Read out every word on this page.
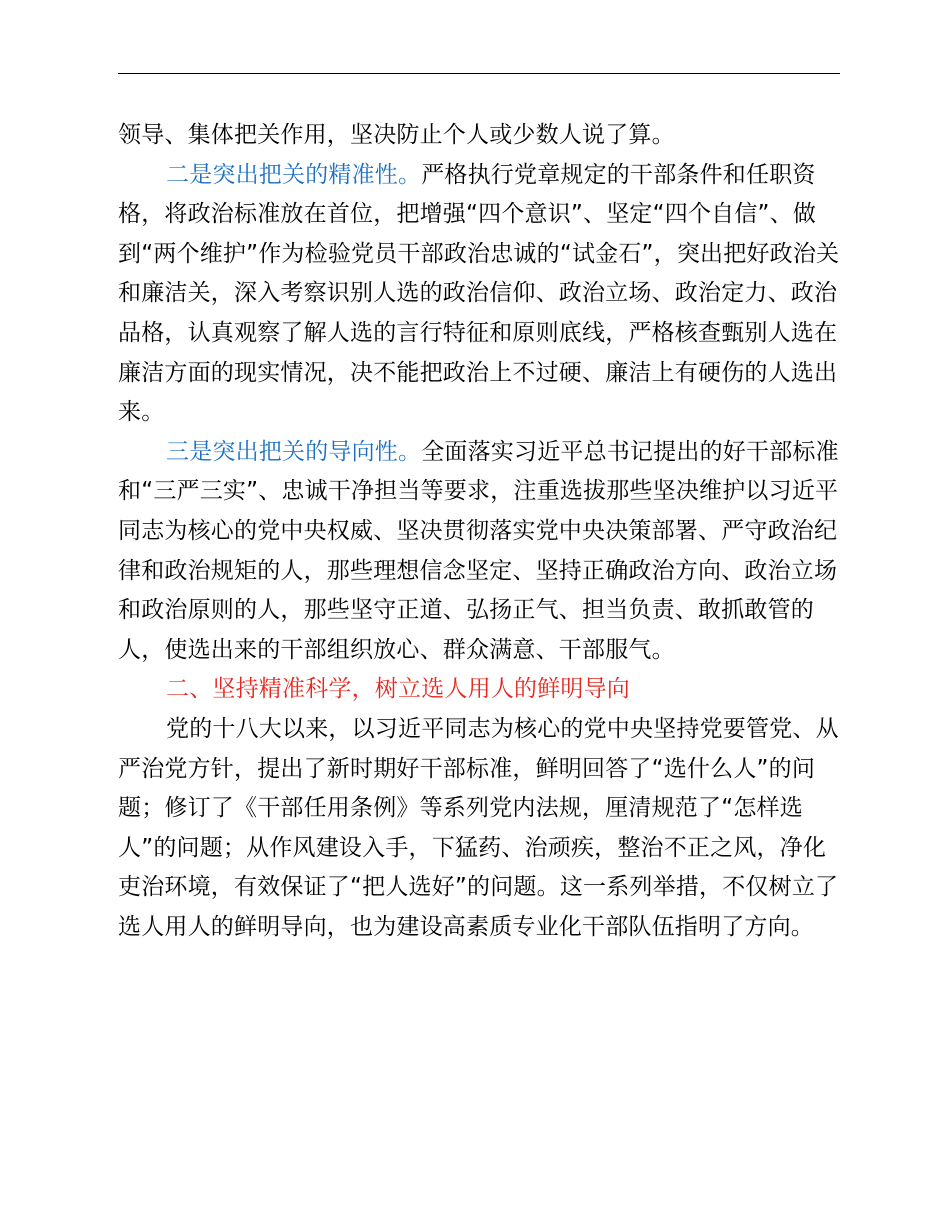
领导、集体把关作用，坚决防止个人或少数人说了算。

二是突出把关的精准性。严格执行党章规定的干部条件和任职资格，将政治标准放在首位，把增强“四个意识”、坚定“四个自信”、做到“两个维护”作为检验党员干部政治忠诚的“试金石”，突出把好政治关和廉洁关，深入考察识别人选的政治信仰、政治立场、政治定力、政治品格，认真观察了解人选的言行特征和原则底线，严格核查甄别人选在廉洁方面的现实情况，决不能把政治上不过硬、廉洁上有硬伤的人选出来。

三是突出把关的导向性。全面落实习近平总书记提出的好干部标准和“三严三实”、忠诚干净担当等要求，注重选拔那些坚决维护以习近平同志为核心的党中央权威、坚决贯彻落实党中央决策部署、严守政治纪律和政治规矩的人，那些理想信念坚定、坚持正确政治方向、政治立场和政治原则的人，那些坚守正道、弘扬正气、担当负责、敢抓敢管的人，使选出来的干部组织放心、群众满意、干部服气。

二、坚持精准科学，树立选人用人的鲜明导向

党的十八大以来，以习近平同志为核心的党中央坚持党要管党、从严治党方针，提出了新时期好干部标准，鲜明回答了“选什么人”的问题；修订了《干部任用条例》等系列党内法规，厘清规范了“怎样选人”的问题；从作风建设入手，下猛药、治顽疾，整治不正之风，净化吏治环境，有效保证了“把人选好”的问题。这一系列举措，不仅树立了选人用人的鲜明导向，也为建设高素质专业化干部队伍指明了方向。
